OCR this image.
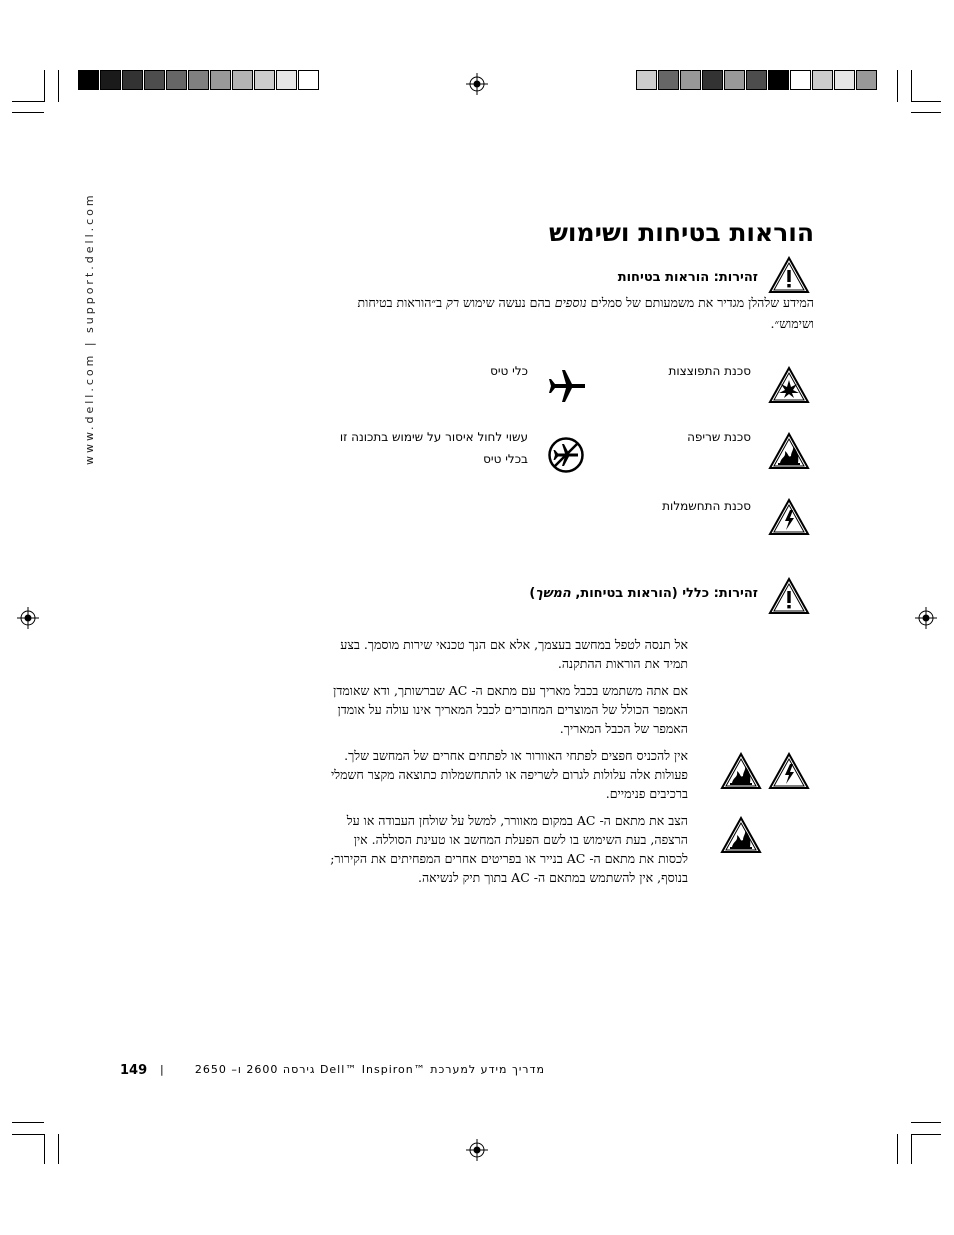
www.dell.com | support.dell.com	הוראות בטיחות ושימוש
זהירות: הוראות בטיחות
המידע שלהלן מגדיר את משמעותם של סמלים נוספים בהם נעשה שימוש רק ב״הוראות בטיחות ושימוש״.
סכנת התפוצצות
כלי טיס
סכנת שריפה
עשוי לחול איסור על שימוש בתכונה זו בכלי טיס
סכנת התחשמלות
זהירות: כללי (הוראות בטיחות, המשך)
אל תנסה לטפל במחשב בעצמך, אלא אם הנך טכנאי שירות מוסמך. בצע תמיד את הוראות ההתקנה.
אם אתה משתמש בכבל מאריך עם מתאם ה- AC שברשותך, ודא שאומדן האמפר הכולל של המוצרים המחוברים לכבל המאריך אינו עולה על אומדן האמפר של הכבל המאריך.
אין להכניס חפצים לפתחי האוורור או לפתחים אחרים של המחשב שלך. פעולות אלה עלולות לגרום לשריפה או להתחשמלות כתוצאה מקצר חשמלי ברכיבים פנימיים.
הצב את מתאם ה- AC במקום מאוורר, למשל על שולחן העבודה או על הרצפה, בעת השימוש בו לשם הפעלת המחשב או טעינת הסוללה. אין לכסות את מתאם ה- AC בנייר או בפריטים אחרים המפחיתים את הקירור; בנוסף, אין להשתמש במתאם ה- AC בתוך תיק לנשיאה.
149 |	מדריך מידע למערכת ™Dell™ Inspiron גירסה 2600 ו– 2650
